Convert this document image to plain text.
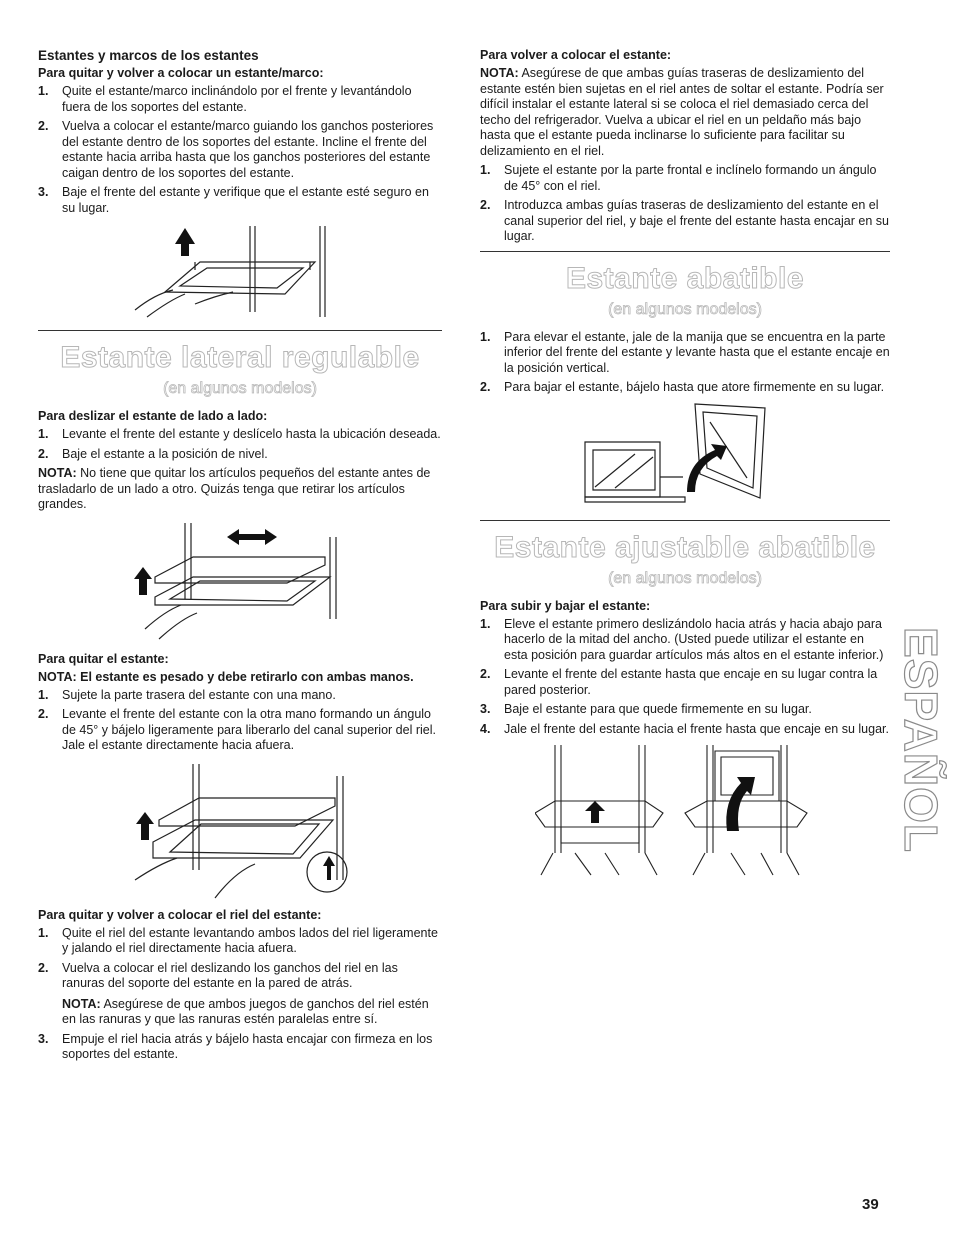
Estantes y marcos de los estantes
Para quitar y volver a colocar un estante/marco:
1. Quite el estante/marco inclinándolo por el frente y levantándolo fuera de los soportes del estante.
2. Vuelva a colocar el estante/marco guiando los ganchos posteriores del estante dentro de los soportes del estante. Incline el frente del estante hacia arriba hasta que los ganchos posteriores del estante caigan dentro de los soportes del estante.
3. Baje el frente del estante y verifique que el estante esté seguro en su lugar.
Estante lateral regulable
(en algunos modelos)
Para deslizar el estante de lado a lado:
1. Levante el frente del estante y deslícelo hasta la ubicación deseada.
2. Baje el estante a la posición de nivel.

NOTA: No tiene que quitar los artículos pequeños del estante antes de trasladarlo de un lado a otro. Quizás tenga que retirar los artículos grandes.

Para quitar el estante:
NOTA: El estante es pesado y debe retirarlo con ambas manos.
1. Sujete la parte trasera del estante con una mano.
2. Levante el frente del estante con la otra mano formando un ángulo de 45° y bájelo ligeramente para liberarlo del canal superior del riel. Jale el estante directamente hacia afuera.
Para quitar y volver a colocar el riel del estante:
1. Quite el riel del estante levantando ambos lados del riel ligeramente y jalando el riel directamente hacia afuera.
2. Vuelva a colocar el riel deslizando los ganchos del riel en las ranuras del soporte del estante en la pared de atrás.
NOTA: Asegúrese de que ambos juegos de ganchos del riel estén en las ranuras y que las ranuras estén paralelas entre sí.
3. Empuje el riel hacia atrás y bájelo hasta encajar con firmeza en los soportes del estante.
Para volver a colocar el estante:

NOTA: Asegúrese de que ambas guías traseras de deslizamiento del estante estén bien sujetas en el riel antes de soltar el estante. Podría ser difícil instalar el estante lateral si se coloca el riel demasiado cerca del techo del refrigerador. Vuelva a ubicar el riel en un peldaño más bajo hasta que el estante pueda inclinarse lo suficiente para facilitar su delizamiento en el riel.

1. Sujete el estante por la parte frontal e inclínelo formando un ángulo de 45° con el riel.
2. Introduzca ambas guías traseras de deslizamiento del estante en el canal superior del riel, y baje el frente del estante hasta encajar en su lugar.
Estante abatible
(en algunos modelos)
1. Para elevar el estante, jale de la manija que se encuentra en la parte inferior del frente del estante y levante hasta que el estante encaje en la posición vertical.
2. Para bajar el estante, bájelo hasta que atore firmemente en su lugar.
Estante ajustable abatible
(en algunos modelos)
Para subir y bajar el estante:
1. Eleve el estante primero deslizándolo hacia atrás y hacia abajo para hacerlo de la mitad del ancho. (Usted puede utilizar el estante en esta posición para guardar artículos más altos en el estante inferior.)
2. Levante el frente del estante hasta que encaje en su lugar contra la pared posterior.
3. Baje el estante para que quede firmemente en su lugar.
4. Jale el frente del estante hacia el frente hasta que encaje en su lugar. ESPAÑOL
39
